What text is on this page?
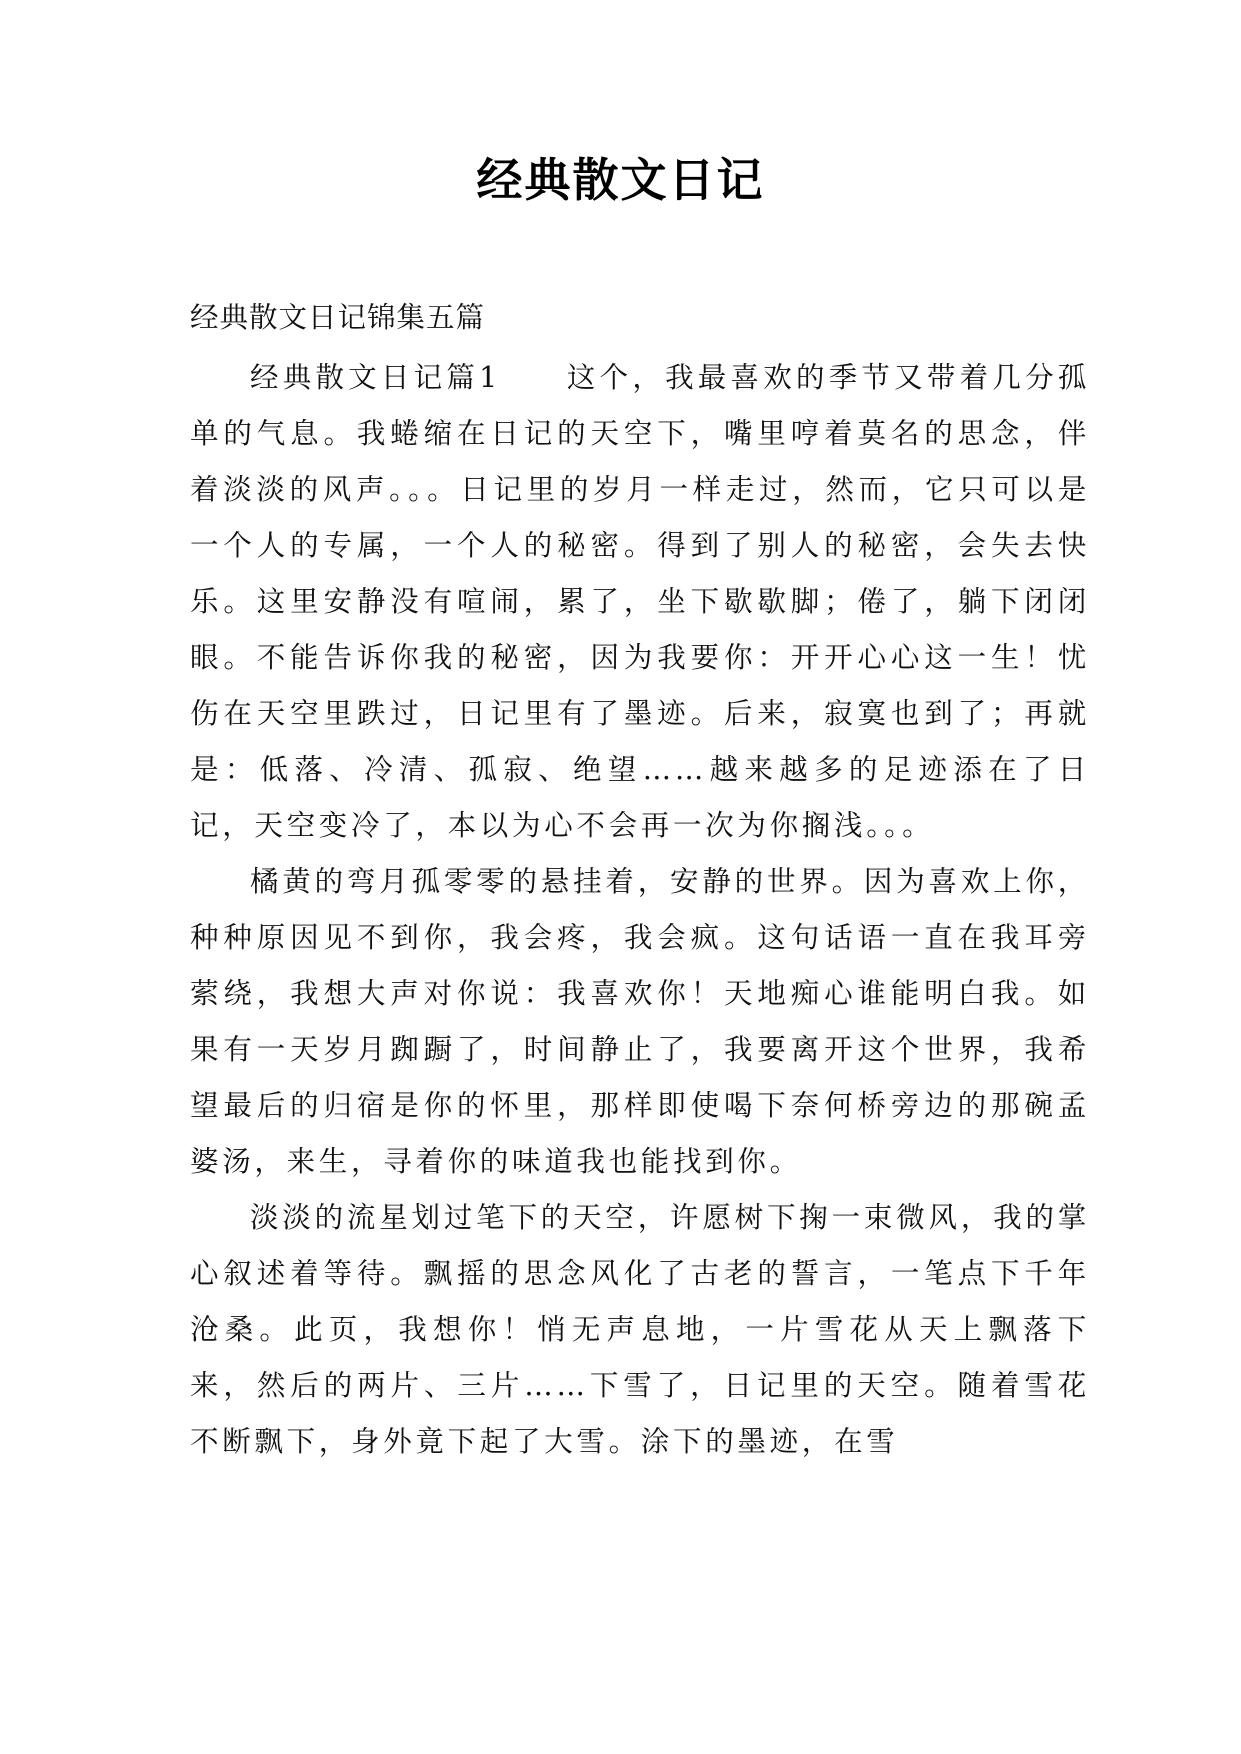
经典散文日记
经典散文日记锦集五篇

经典散文日记篇1　　这个，我最喜欢的季节又带着几分孤单的气息。我蜷缩在日记的天空下，嘴里哼着莫名的思念，伴着淡淡的风声。。。日记里的岁月一样走过，然而，它只可以是一个人的专属，一个人的秘密。得到了别人的秘密，会失去快乐。这里安静没有喧闹，累了，坐下歇歇脚；倦了，躺下闭闭眼。不能告诉你我的秘密，因为我要你：开开心心这一生！忧伤在天空里跌过，日记里有了墨迹。后来，寂寞也到了；再就是：低落、冷清、孤寂、绝望……越来越多的足迹添在了日记，天空变冷了，本以为心不会再一次为你搁浅。。。

橘黄的弯月孤零零的悬挂着，安静的世界。因为喜欢上你，种种原因见不到你，我会疼，我会疯。这句话语一直在我耳旁萦绕，我想大声对你说：我喜欢你！天地痴心谁能明白我。如果有一天岁月踟蹰了，时间静止了，我要离开这个世界，我希望最后的归宿是你的怀里，那样即使喝下奈何桥旁边的那碗孟婆汤，来生，寻着你的味道我也能找到你。

淡淡的流星划过笔下的天空，许愿树下掬一束微风，我的掌心叙述着等待。飘摇的思念风化了古老的誓言，一笔点下千年沧桑。此页，我想你！悄无声息地，一片雪花从天上飘落下来，然后的两片、三片……下雪了，日记里的天空。随着雪花不断飘下，身外竟下起了大雪。涂下的墨迹，在雪
